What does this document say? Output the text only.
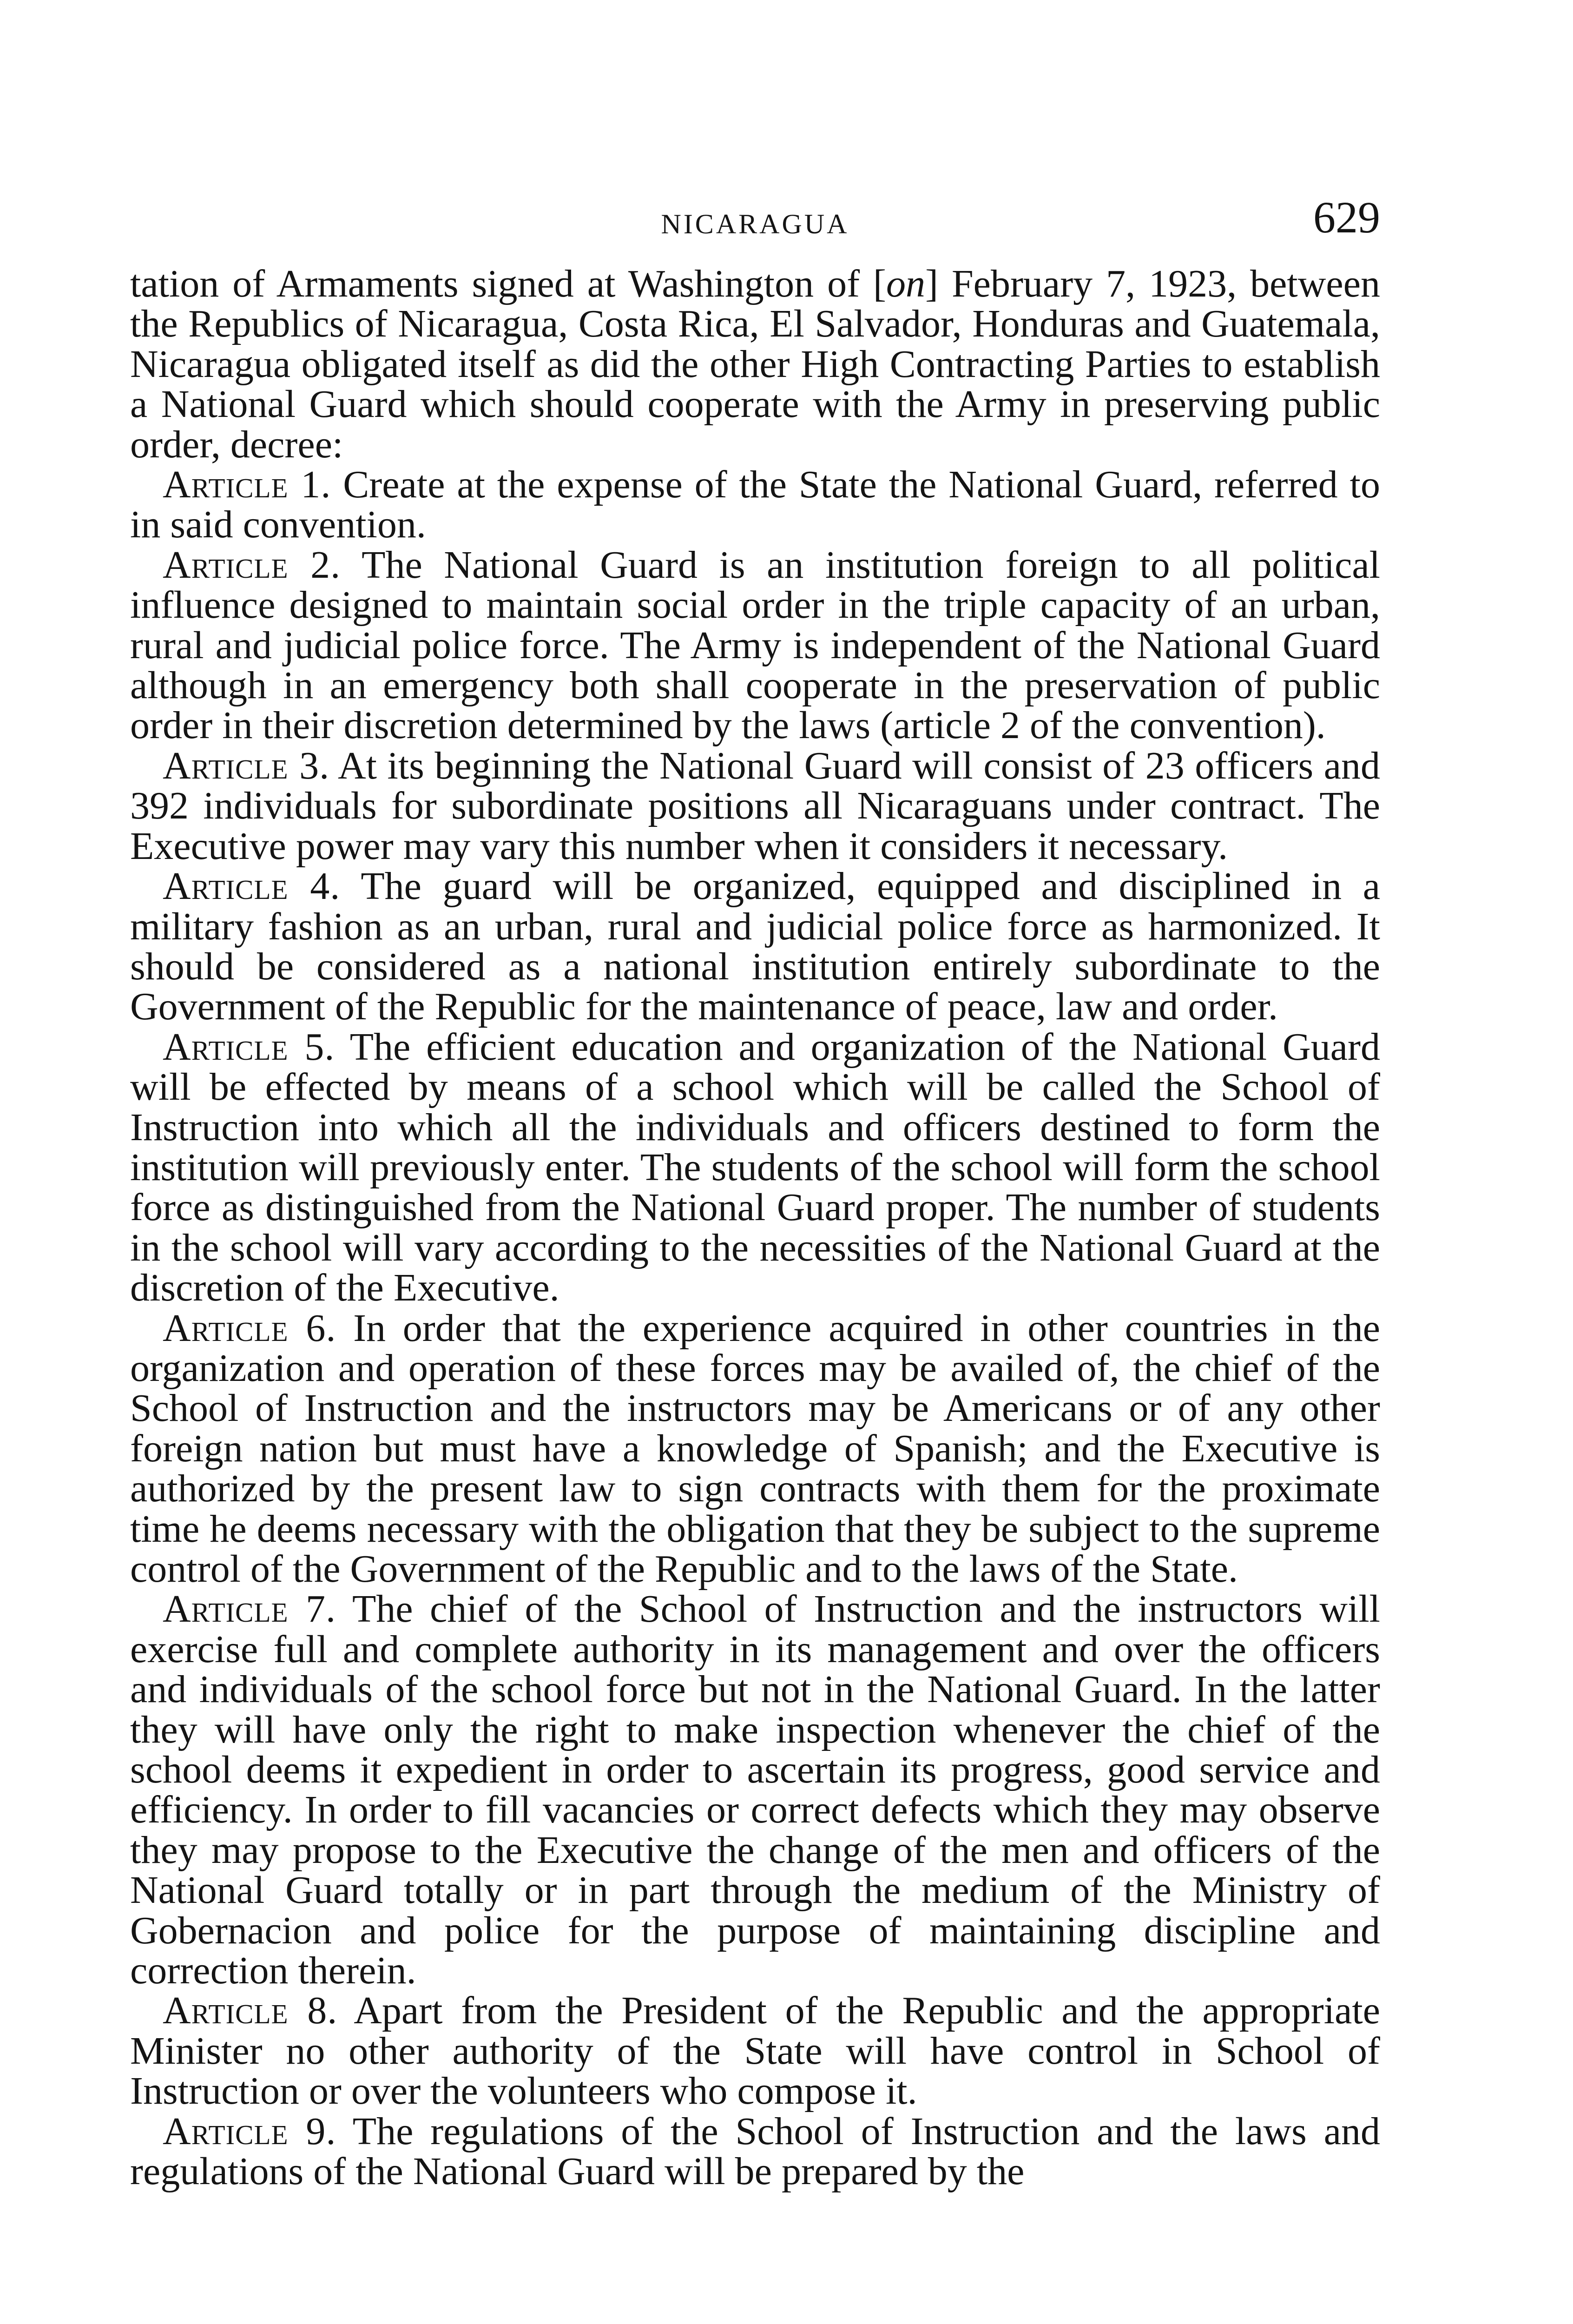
NICARAGUA	629

tation of Armaments signed at Washington of [on] February 7, 1923, between the Republics of Nicaragua, Costa Rica, El Salvador, Honduras and Guatemala, Nicaragua obligated itself as did the other High Contracting Parties to establish a National Guard which should cooperate with the Army in preserving public order, decree:

Article 1. Create at the expense of the State the National Guard, referred to in said convention.

Article 2. The National Guard is an institution foreign to all political influence designed to maintain social order in the triple capacity of an urban, rural and judicial police force. The Army is independent of the National Guard although in an emergency both shall cooperate in the preservation of public order in their discretion determined by the laws (article 2 of the convention).

Article 3. At its beginning the National Guard will consist of 23 officers and 392 individuals for subordinate positions all Nicaraguans under contract. The Executive power may vary this number when it considers it necessary.

Article 4. The guard will be organized, equipped and disciplined in a military fashion as an urban, rural and judicial police force as harmonized. It should be considered as a national institution entirely subordinate to the Government of the Republic for the maintenance of peace, law and order.

Article 5. The efficient education and organization of the National Guard will be effected by means of a school which will be called the School of Instruction into which all the individuals and officers destined to form the institution will previously enter. The students of the school will form the school force as distinguished from the National Guard proper. The number of students in the school will vary according to the necessities of the National Guard at the discretion of the Executive.

Article 6. In order that the experience acquired in other countries in the organization and operation of these forces may be availed of, the chief of the School of Instruction and the instructors may be Americans or of any other foreign nation but must have a knowledge of Spanish; and the Executive is authorized by the present law to sign contracts with them for the proximate time he deems necessary with the obligation that they be subject to the supreme control of the Government of the Republic and to the laws of the State.

Article 7. The chief of the School of Instruction and the instructors will exercise full and complete authority in its management and over the officers and individuals of the school force but not in the National Guard. In the latter they will have only the right to make inspection whenever the chief of the school deems it expedient in order to ascertain its progress, good service and efficiency. In order to fill vacancies or correct defects which they may observe they may propose to the Executive the change of the men and officers of the National Guard totally or in part through the medium of the Ministry of Gobernacion and police for the purpose of maintaining discipline and correction therein.

Article 8. Apart from the President of the Republic and the appropriate Minister no other authority of the State will have control in School of Instruction or over the volunteers who compose it.

Article 9. The regulations of the School of Instruction and the laws and regulations of the National Guard will be prepared by the
